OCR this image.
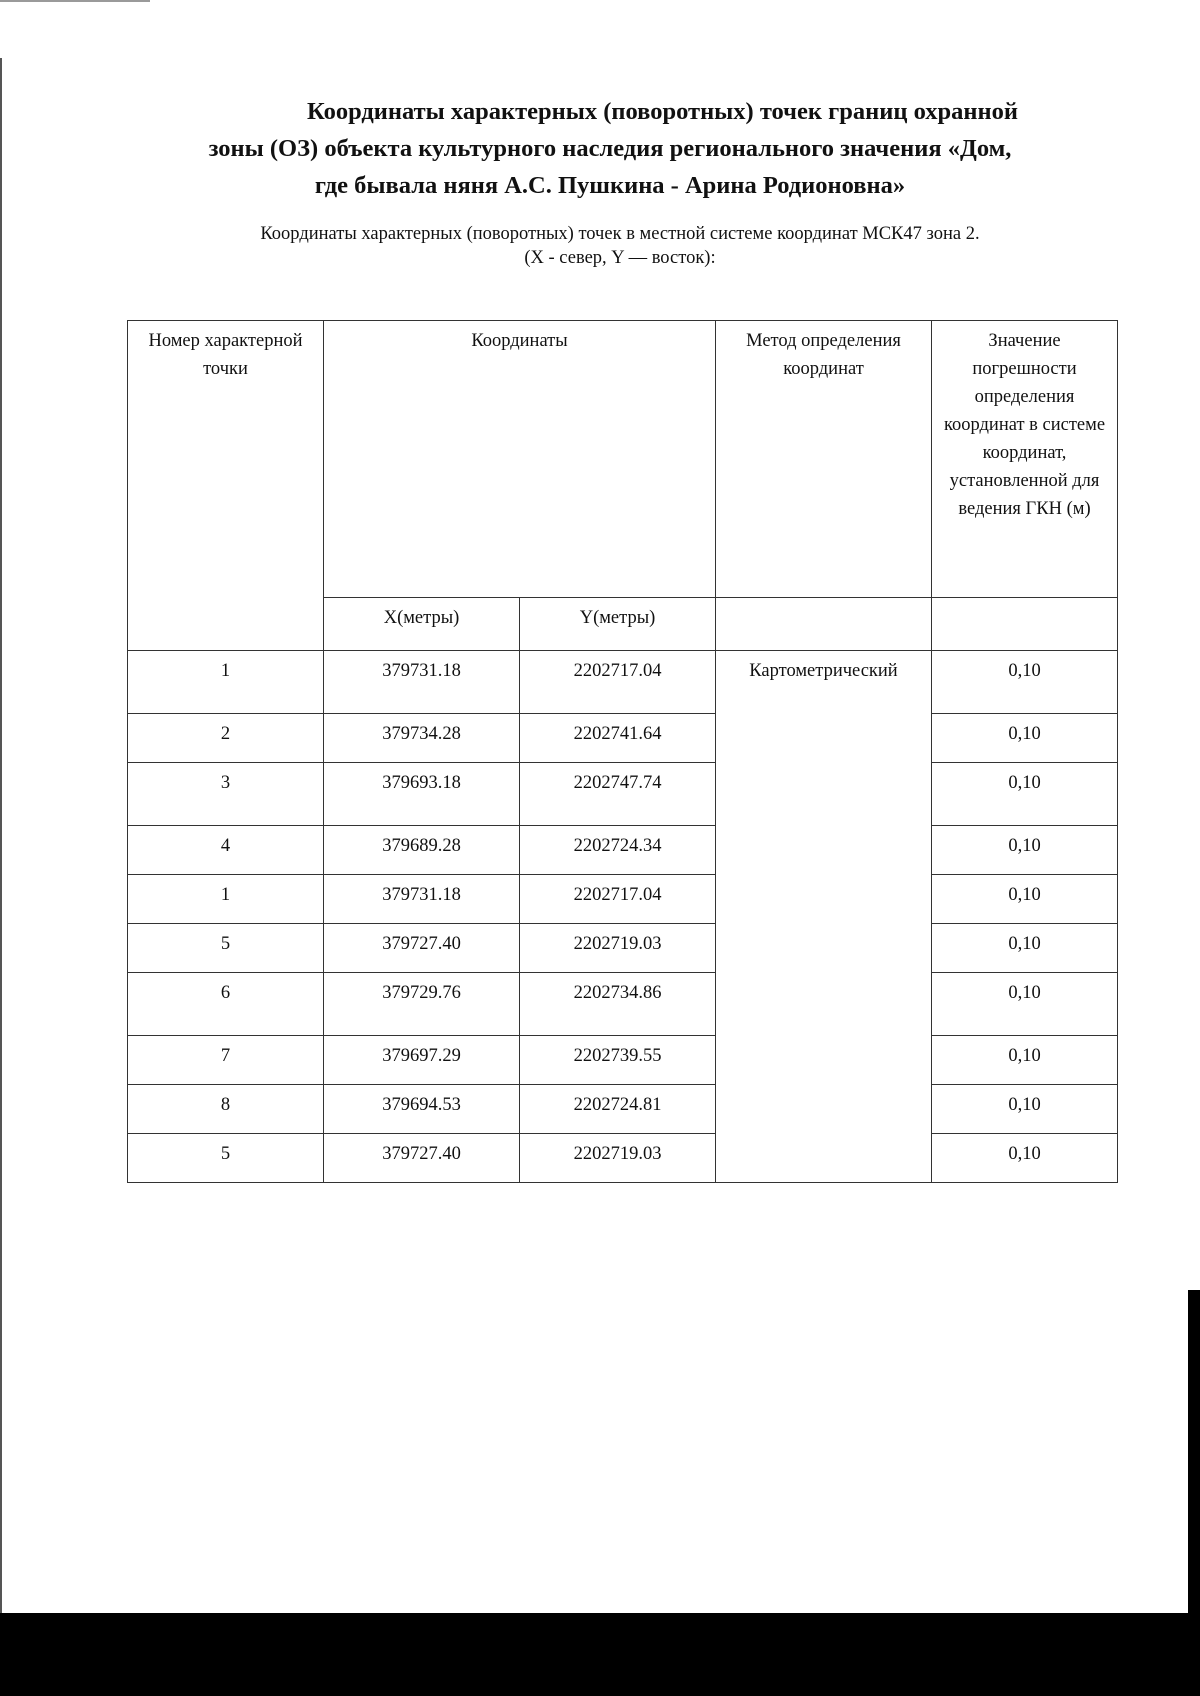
Координаты характерных (поворотных) точек границ охранной
зоны (ОЗ) объекта культурного наследия регионального значения «Дом,
где бывала няня А.С. Пушкина - Арина Родионовна»
Координаты характерных (поворотных) точек в местной системе координат МСК47 зона 2.
(X - север, Y — восток):
Номер характерной точки	Координаты		Метод определения координат	Значение погрешности определения координат в системе координат, установленной для ведения ГКН (м)
	X(метры)	Y(метры)		
1	379731.18	2202717.04	Картометрический	0,10
2	379734.28	2202741.64		0,10
3	379693.18	2202747.74		0,10
4	379689.28	2202724.34		0,10
1	379731.18	2202717.04		0,10
5	379727.40	2202719.03		0,10
6	379729.76	2202734.86		0,10
7	379697.29	2202739.55		0,10
8	379694.53	2202724.81		0,10
5	379727.40	2202719.03		0,10
